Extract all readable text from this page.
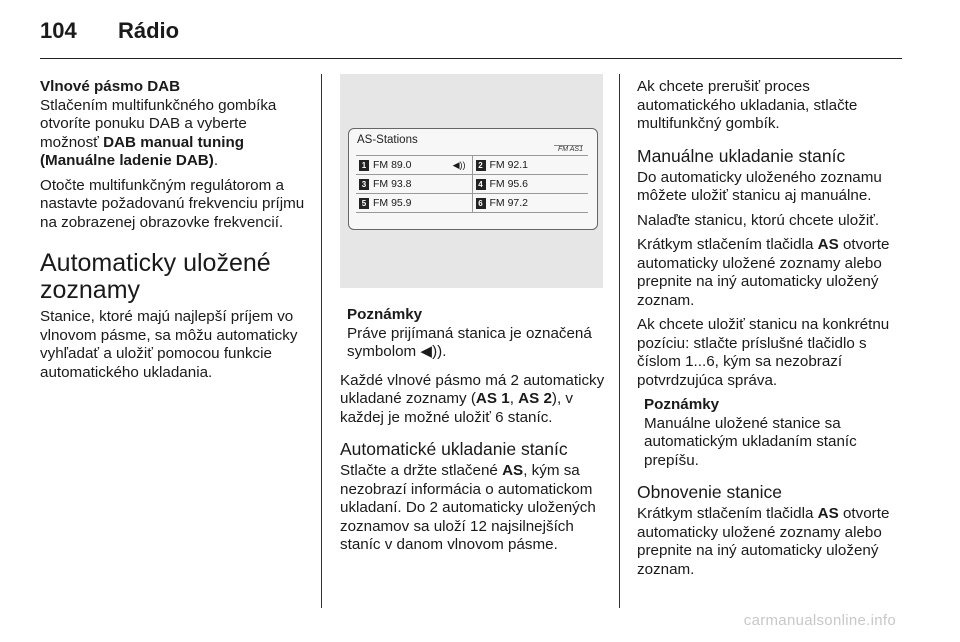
104 Rádio

Vlnové pásmo DAB

Stlačením multifunkčného gombíka otvoríte ponuku DAB a vyberte možnosť DAB manual tuning (Manuálne ladenie DAB).

Otočte multifunkčným regulátorom a nastavte požadovanú frekvenciu príjmu na zobrazenej obrazovke frekvencií.

Automaticky uložené zoznamy

Stanice, ktoré majú najlepší príjem vo vlnovom pásme, sa môžu automaticky vyhľadať a uložiť pomocou funkcie automatického ukladania.

AS-Stations
FM AS1
1 FM 89.0	◀))	2 FM 92.1
3 FM 93.8	4 FM 95.6
5 FM 95.9	6 FM 97.2
Poznámky
Práve prijímaná stanica je označená symbolom ◀)).

Každé vlnové pásmo má 2 automaticky ukladané zoznamy (AS 1, AS 2), v každej je možné uložiť 6 staníc.

Automatické ukladanie staníc

Stlačte a držte stlačené AS, kým sa nezobrazí informácia o automatickom ukladaní. Do 2 automaticky uložených zoznamov sa uloží 12 najsilnejších staníc v danom vlnovom pásme.

Ak chcete prerušiť proces automatického ukladania, stlačte multifunkčný gombík.

Manuálne ukladanie staníc

Do automaticky uloženého zoznamu môžete uložiť stanicu aj manuálne.

Nalaďte stanicu, ktorú chcete uložiť.

Krátkym stlačením tlačidla AS otvorte automaticky uložené zoznamy alebo prepnite na iný automaticky uložený zoznam.

Ak chcete uložiť stanicu na konkrétnu pozíciu: stlačte príslušné tlačidlo s číslom 1...6, kým sa nezobrazí potvrdzujúca správa.

Poznámky
Manuálne uložené stanice sa automatickým ukladaním staníc prepíšu.
Obnovenie stanice

Krátkym stlačením tlačidla AS otvorte automaticky uložené zoznamy alebo prepnite na iný automaticky uložený zoznam.

carmanualsonline.info
